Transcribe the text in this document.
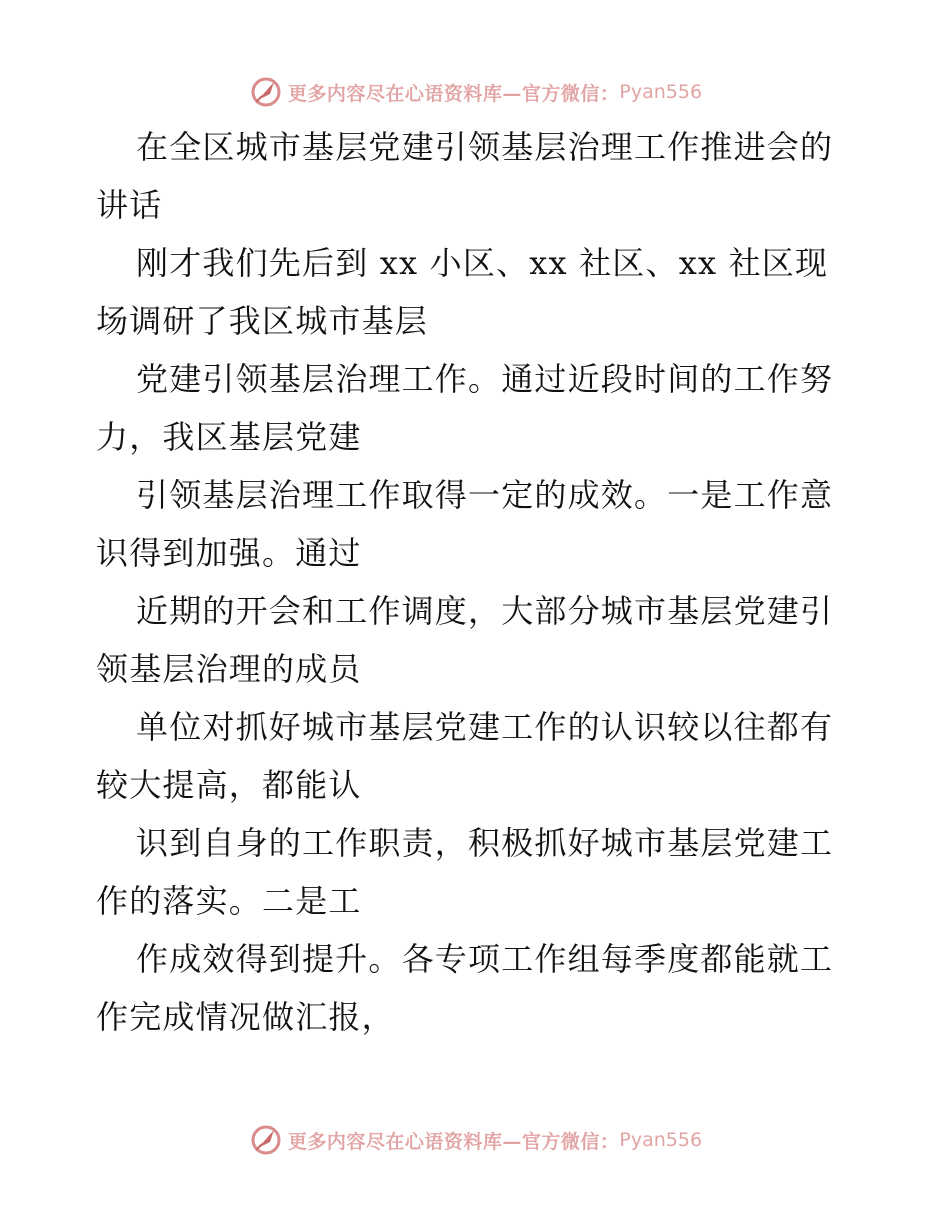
更多内容尽在心语资料库—官方微信： Pyan556
在全区城市基层党建引领基层治理工作推进会的
讲话
刚才我们先后到 xx 小区、xx 社区、xx 社区现
场调研了我区城市基层
党建引领基层治理工作。通过近段时间的工作努
力，我区基层党建
引领基层治理工作取得一定的成效。一是工作意
识得到加强。通过
近期的开会和工作调度，大部分城市基层党建引
领基层治理的成员
单位对抓好城市基层党建工作的认识较以往都有
较大提高，都能认
识到自身的工作职责，积极抓好城市基层党建工
作的落实。二是工
作成效得到提升。各专项工作组每季度都能就工
作完成情况做汇报，
更多内容尽在心语资料库—官方微信： Pyan556
